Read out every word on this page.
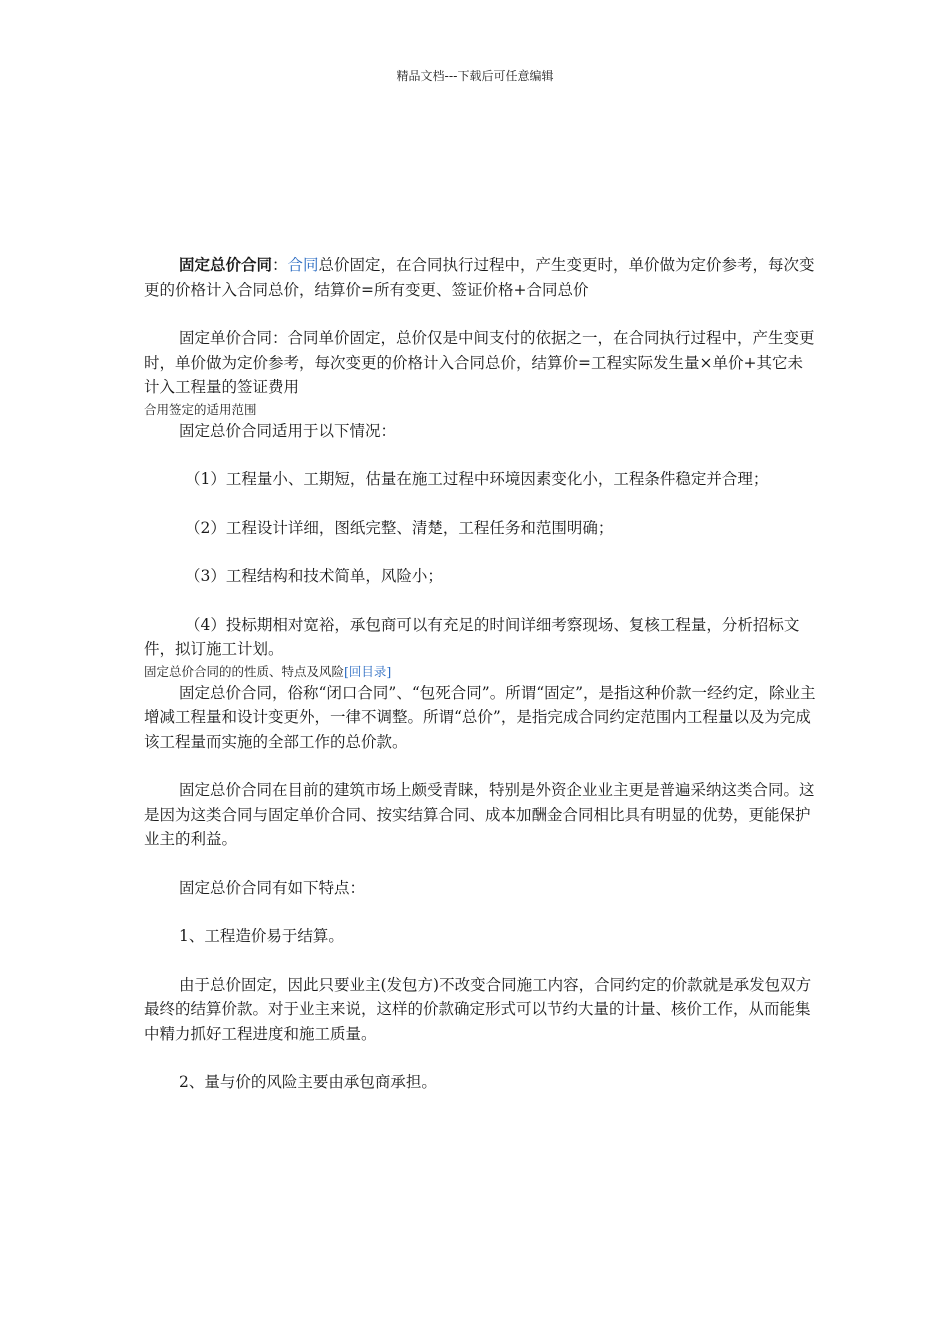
精品文档---下载后可任意编辑

固定总价合同：合同总价固定，在合同执行过程中，产生变更时，单价做为定价参考，每次变更的价格计入合同总价，结算价=所有变更、签证价格+合同总价

固定单价合同：合同单价固定，总价仅是中间支付的依据之一，在合同执行过程中，产生变更时，单价做为定价参考，每次变更的价格计入合同总价，结算价=工程实际发生量×单价+其它未计入工程量的签证费用

合用签定的适用范围

固定总价合同适用于以下情况：

（1）工程量小、工期短，估量在施工过程中环境因素变化小，工程条件稳定并合理；

（2）工程设计详细，图纸完整、清楚，工程任务和范围明确；

（3）工程结构和技术简单，风险小；

（4）投标期相对宽裕，承包商可以有充足的时间详细考察现场、复核工程量，分析招标文件，拟订施工计划。

固定总价合同的的性质、特点及风险[回目录]

固定总价合同，俗称“闭口合同”、“包死合同”。所谓“固定”，是指这种价款一经约定，除业主增减工程量和设计变更外，一律不调整。所谓“总价”，是指完成合同约定范围内工程量以及为完成该工程量而实施的全部工作的总价款。

固定总价合同在目前的建筑市场上颇受青睐，特别是外资企业业主更是普遍采纳这类合同。这是因为这类合同与固定单价合同、按实结算合同、成本加酬金合同相比具有明显的优势，更能保护业主的利益。

固定总价合同有如下特点：

1、工程造价易于结算。

由于总价固定，因此只要业主(发包方)不改变合同施工内容，合同约定的价款就是承发包双方最终的结算价款。对于业主来说，这样的价款确定形式可以节约大量的计量、核价工作，从而能集中精力抓好工程进度和施工质量。

2、量与价的风险主要由承包商承担。
